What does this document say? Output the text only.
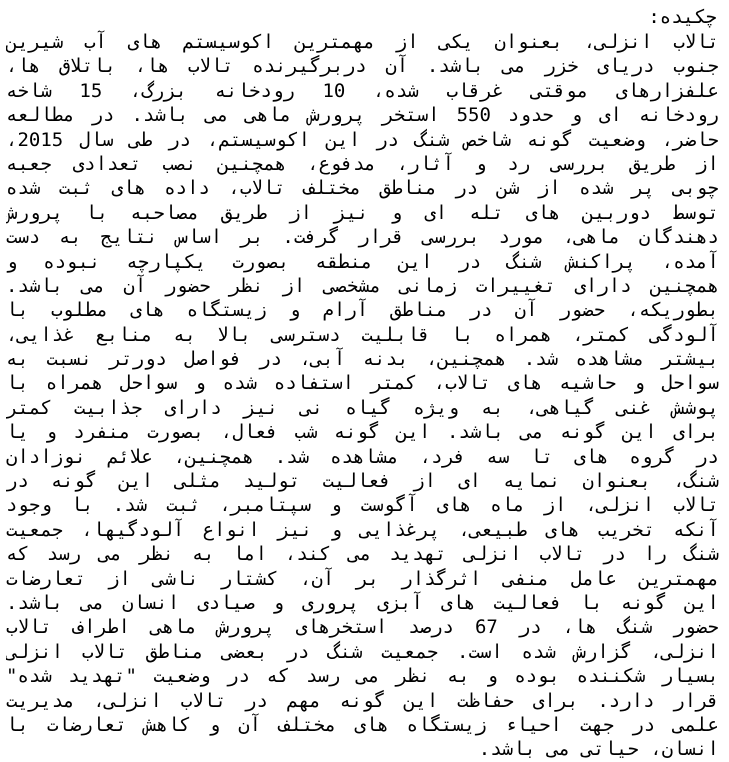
چکیده:

تالاب انزلی، بعنوان یکی از مهمترین اکوسیستم های آب شیرین
جنوب دریای خزر می باشد. آن دربرگیرنده تالاب ها، باتلاق ها،
علفزارهای موقتی غرقاب شده، 10 رودخانه بزرگ، 15 شاخه
رودخانه ای و حدود 550 استخر پرورش ماهی می باشد. در مطالعه
حاضر، وضعیت گونه شاخص شنگ در این اکوسیستم، در طی سال 2015،
از طریق بررسی رد و آثار، مدفوع، همچنین نصب تعدادی جعبه
چوبی پر شده از شن در مناطق مختلف تالاب، داده های ثبت شده
توسط دوربین های تله ای و نیز از طریق مصاحبه با پرورش
دهندگان ماهی، مورد بررسی قرار گرفت. بر اساس نتایج به دست
آمده، پراکنش شنگ در این منطقه بصورت یکپارچه نبوده و
همچنین دارای تغییرات زمانی مشخصی از نظر حضور آن می باشد.
بطوریکه، حضور آن در مناطق آرام و زیستگاه های مطلوب با
آلودگی کمتر، همراه با قابلیت دسترسی بالا به منابع غذایی،
بیشتر مشاهده شد. همچنین، بدنه آبی، در فواصل دورتر نسبت به
سواحل و حاشیه های تالاب، کمتر استفاده شده و سواحل همراه با
پوشش غنی گیاهی، به ویژه گیاه نی نیز دارای جذابیت کمتر
برای این گونه می باشد. این گونه شب فعال، بصورت منفرد و یا
در گروه های تا سه فرد، مشاهده شد. همچنین، علائم نوزادان
شنگ، بعنوان نمایه ای از فعالیت تولید مثلی این گونه در
تالاب انزلی، از ماه های آگوست و سپتامبر، ثبت شد. با وجود
آنکه تخریب های طبیعی، پرغذایی و نیز انواع آلودگیها، جمعیت
شنگ را در تالاب انزلی تهدید می کند، اما به نظر می رسد که
مهمترین عامل منفی اثرگذار بر آن، کشتار ناشی از تعارضات
این گونه با فعالیت های آبزی پروری و صیادی انسان می باشد.
حضور شنگ ها، در 67 درصد استخرهای پرورش ماهی اطراف تالاب
انزلی، گزارش شده است. جمعیت شنگ در بعضی مناطق تالاب انزلی
بسیار شکننده بوده و به نظر می رسد که در وضعیت "تهدید شده"
قرار دارد. برای حفاظت این گونه مهم در تالاب انزلی، مدیریت
علمی در جهت احیاء زیستگاه های مختلف آن و کاهش تعارضات با
انسان، حیاتی می باشد.
